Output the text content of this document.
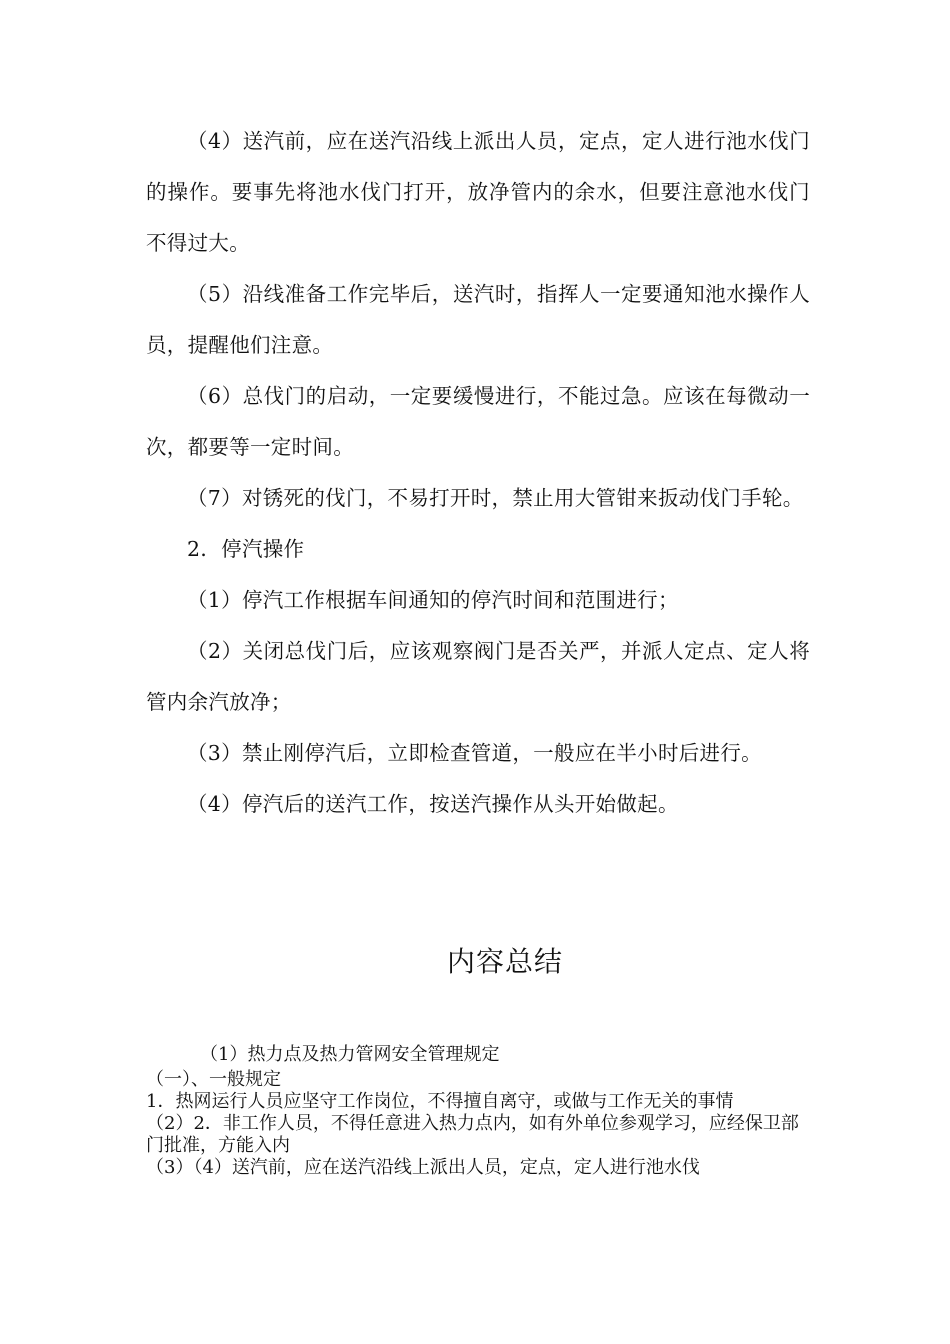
（4）送汽前，应在送汽沿线上派出人员，定点，定人进行池水伐门的操作。要事先将池水伐门打开，放净管内的余水，但要注意池水伐门不得过大。

（5）沿线准备工作完毕后，送汽时，指挥人一定要通知池水操作人员，提醒他们注意。

（6）总伐门的启动，一定要缓慢进行，不能过急。应该在每微动一次，都要等一定时间。

（7）对锈死的伐门，不易打开时，禁止用大管钳来扳动伐门手轮。

2．停汽操作

（1）停汽工作根据车间通知的停汽时间和范围进行；

（2）关闭总伐门后，应该观察阀门是否关严，并派人定点、定人将管内余汽放净；

（3）禁止刚停汽后，立即检查管道，一般应在半小时后进行。

（4）停汽后的送汽工作，按送汽操作从头开始做起。

内容总结

（1）热力点及热力管网安全管理规定

（一）、一般规定

1．热网运行人员应坚守工作岗位，不得擅自离守，或做与工作无关的事情

（2）2．非工作人员，不得任意进入热力点内，如有外单位参观学习，应经保卫部门批准，方能入内

（3）（4）送汽前，应在送汽沿线上派出人员，定点，定人进行池水伐
